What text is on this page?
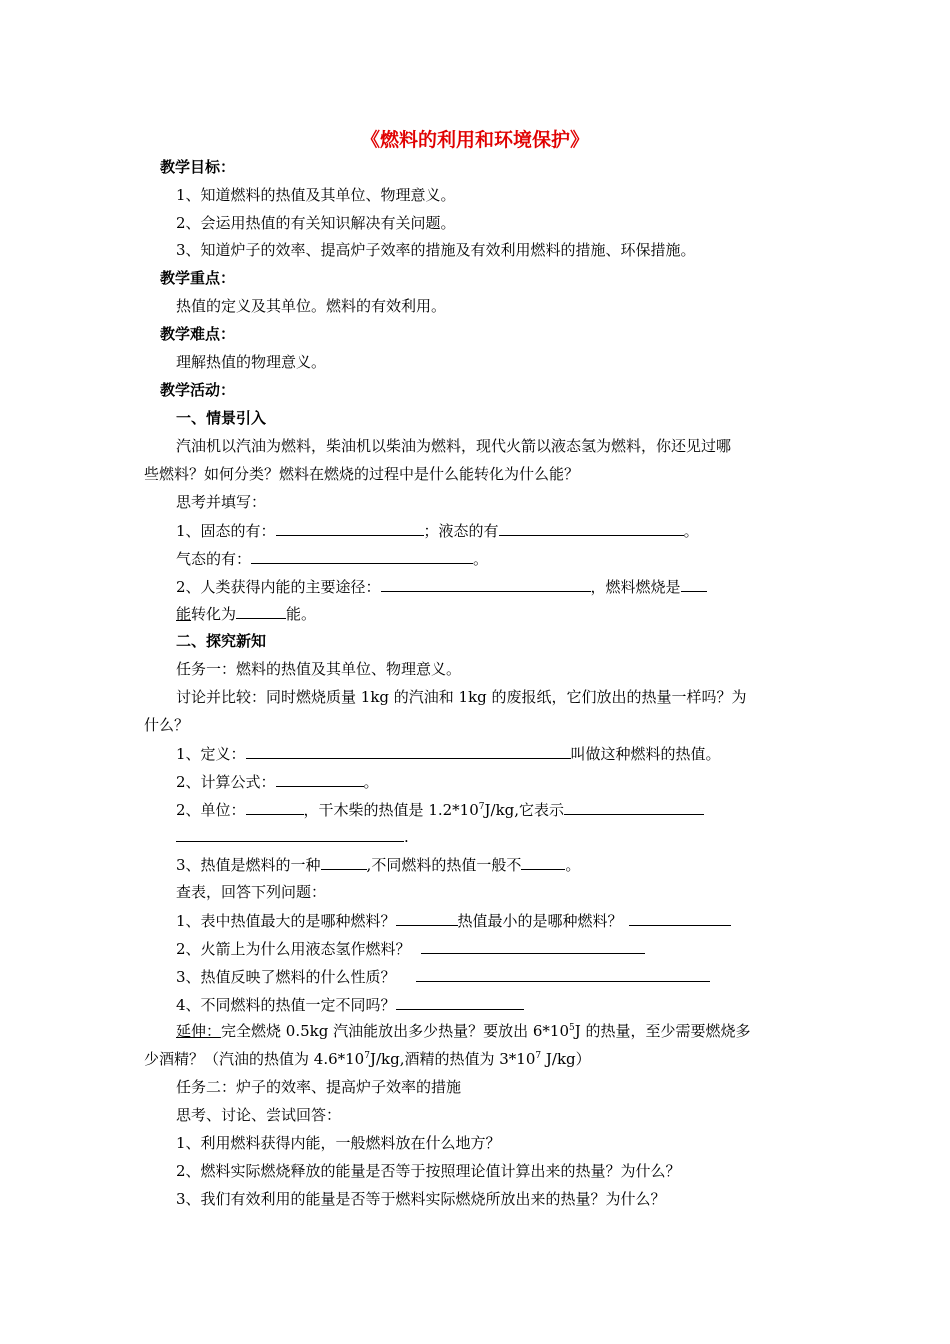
《燃料的利用和环境保护》
教学目标：
1、知道燃料的热值及其单位、物理意义。
2、会运用热值的有关知识解决有关问题。
3、知道炉子的效率、提高炉子效率的措施及有效利用燃料的措施、环保措施。
教学重点：
热值的定义及其单位。燃料的有效利用。
教学难点：
理解热值的物理意义。
教学活动：
一、情景引入
汽油机以汽油为燃料，柴油机以柴油为燃料，现代火箭以液态氢为燃料，你还见过哪
些燃料？如何分类？燃料在燃烧的过程中是什么能转化为什么能？
思考并填写：
1、固态的有：	；液态的有	。
气态的有：	。
2、人类获得内能的主要途径：	，燃料燃烧是
能转化为	能。
二、探究新知
任务一：燃料的热值及其单位、物理意义。
讨论并比较：同时燃烧质量 1kg 的汽油和 1kg 的废报纸，它们放出的热量一样吗？为
什么？
1、定义：	叫做这种燃料的热值。
2、计算公式：	。
2、单位：	，干木柴的热值是 $1.2*10^7J/kg$,它表示
.
3、热值是燃料的一种	,不同燃料的热值一般不	。
查表，回答下列问题：
1、表中热值最大的是哪种燃料？	热值最小的是哪种燃料？
2、火箭上为什么用液态氢作燃料？
3、热值反映了燃料的什么性质？
4、不同燃料的热值一定不同吗？
延伸：完全燃烧 0.5kg 汽油能放出多少热量？要放出 $6*10^5J$ 的热量，至少需要燃烧多
少酒精？（汽油的热值为 $4.6*10^7J/kg$,酒精的热值为 $3*10^7$ J/kg）
任务二：炉子的效率、提高炉子效率的措施
思考、讨论、尝试回答：
1、利用燃料获得内能，一般燃料放在什么地方？
2、燃料实际燃烧释放的能量是否等于按照理论值计算出来的热量？为什么？
3、我们有效利用的能量是否等于燃料实际燃烧所放出来的热量？为什么？
